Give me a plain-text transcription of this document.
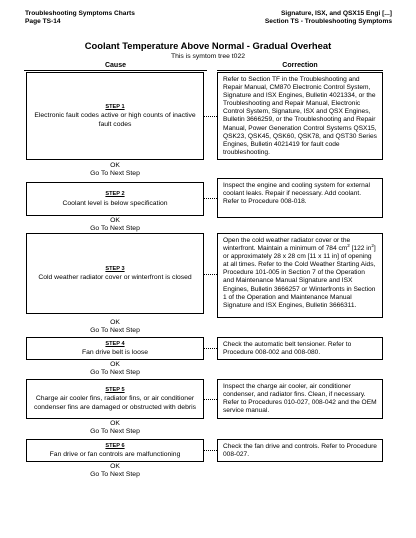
Troubleshooting Symptoms Charts
Page TS-14
Signature, ISX, and QSX15 Engi [...]
Section TS - Troubleshooting Symptoms
Coolant Temperature Above Normal - Gradual Overheat
This is symtom tree t022
Cause	Correction
STEP 1
Electronic fault codes active or high counts of inactive fault codes
Refer to Section TF in the Troubleshooting and Repair Manual, CM870 Electronic Control System, Signature and ISX Engines, Bulletin 4021334, or the Troubleshooting and Repair Manual, Electronic Control System, Signature, ISX and QSX Engines, Bulletin 3666259, or the Troubleshooting and Repair Manual, Power Generation Control Systems QSX15, QSK23, QSK45, QSK60, QSK78, and QST30 Series Engines, Bulletin 4021419 for fault code troubleshooting.
OK
Go To Next Step
STEP 2
Coolant level is below specification
Inspect the engine and cooling system for external coolant leaks. Repair if necessary. Add coolant. Refer to Procedure 008-018.
OK
Go To Next Step
STEP 3
Cold weather radiator cover or winterfront is closed
Open the cold weather radiator cover or the winterfront. Maintain a minimum of 784 $cm^2$ [122 $in^2$] or approximately 28 x 28 cm [11 x 11 in] of opening at all times. Refer to the Cold Weather Starting Aids, Procedure 101-005 in Section 7 of the Operation and Maintenance Manual Signature and ISX Engines, Bulletin 3666257 or Winterfronts in Section 1 of the Operation and Maintenance Manual Signature and ISX Engines, Bulletin 3666311.
OK
Go To Next Step
STEP 4
Fan drive belt is loose
Check the automatic belt tensioner. Refer to Procedure 008-002 and 008-080.
OK
Go To Next Step
STEP 5
Charge air cooler fins, radiator fins, or air conditioner condenser fins are damaged or obstructed with debris
Inspect the charge air cooler, air conditioner condenser, and radiator fins. Clean, if necessary. Refer to Procedures 010-027, 008-042 and the OEM service manual.
OK
Go To Next Step
STEP 6
Fan drive or fan controls are malfunctioning
Check the fan drive and controls. Refer to Procedure 008-027.
OK
Go To Next Step
